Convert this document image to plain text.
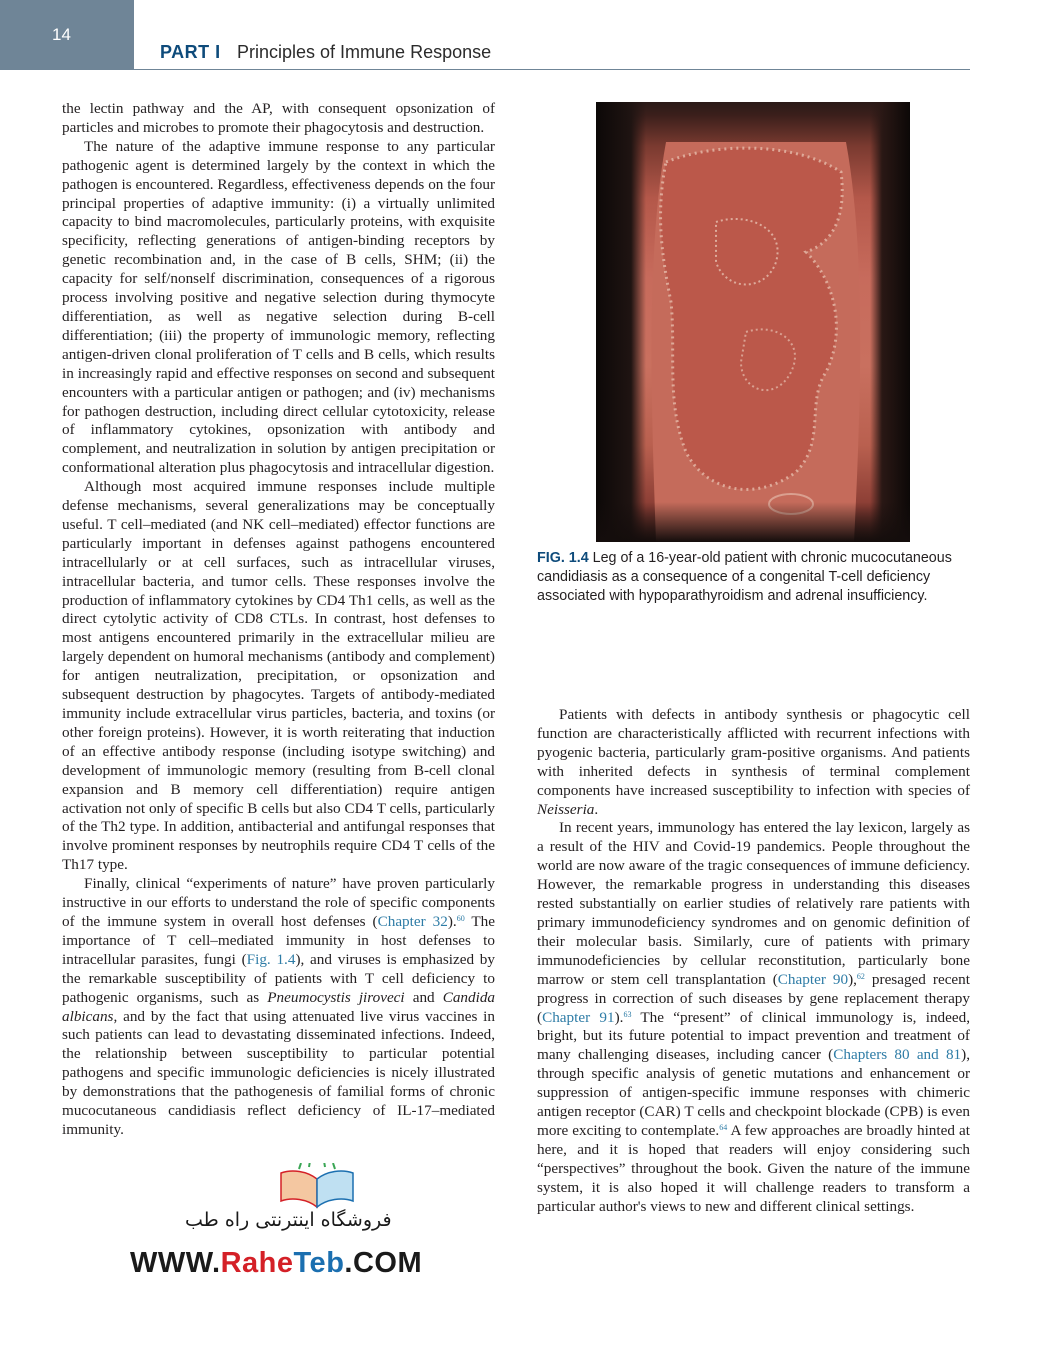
14
PART I Principles of Immune Response

the lectin pathway and the AP, with consequent opsonization of particles and microbes to promote their phagocytosis and destruction.

The nature of the adaptive immune response to any particular pathogenic agent is determined largely by the context in which the pathogen is encountered. Regardless, effectiveness depends on the four principal properties of adaptive immunity: (i) a virtually unlimited capacity to bind macromolecules, particularly proteins, with exquisite specificity, reflecting generations of antigen-binding receptors by genetic recombination and, in the case of B cells, SHM; (ii) the capacity for self/nonself discrimination, consequences of a rigorous process involving positive and negative selection during thymocyte differentiation, as well as negative selection during B-cell differentiation; (iii) the property of immunologic memory, reflecting antigen-driven clonal proliferation of T cells and B cells, which results in increasingly rapid and effective responses on second and subsequent encounters with a particular antigen or pathogen; and (iv) mechanisms for pathogen destruction, including direct cellular cytotoxicity, release of inflammatory cytokines, opsonization with antibody and complement, and neutralization in solution by antigen precipitation or conformational alteration plus phagocytosis and intracellular digestion.

Although most acquired immune responses include multiple defense mechanisms, several generalizations may be conceptually useful. T cell–mediated (and NK cell–mediated) effector functions are particularly important in defenses against pathogens encountered intracellularly or at cell surfaces, such as intracellular viruses, intracellular bacteria, and tumor cells. These responses involve the production of inflammatory cytokines by CD4 Th1 cells, as well as the direct cytolytic activity of CD8 CTLs. In contrast, host defenses to most antigens encountered primarily in the extracellular milieu are largely dependent on humoral mechanisms (antibody and complement) for antigen neutralization, precipitation, or opsonization and subsequent destruction by phagocytes. Targets of antibody-mediated immunity include extracellular virus particles, bacteria, and toxins (or other foreign proteins). However, it is worth reiterating that induction of an effective antibody response (including isotype switching) and development of immunologic memory (resulting from B-cell clonal expansion and B memory cell differentiation) require antigen activation not only of specific B cells but also CD4 T cells, particularly of the Th2 type. In addition, antibacterial and antifungal responses that involve prominent responses by neutrophils require CD4 T cells of the Th17 type.

Finally, clinical “experiments of nature” have proven particularly instructive in our efforts to understand the role of specific components of the immune system in overall host defenses (Chapter 32).$^{60}$ The importance of T cell–mediated immunity in host defenses to intracellular parasites, fungi (Fig. 1.4), and viruses is emphasized by the remarkable susceptibility of patients with T cell deficiency to pathogenic organisms, such as Pneumocystis jiroveci and Candida albicans, and by the fact that using attenuated live virus vaccines in such patients can lead to devastating disseminated infections. Indeed, the relationship between susceptibility to particular potential pathogens and specific immunologic deficiencies is nicely illustrated by demonstrations that the pathogenesis of familial forms of chronic mucocutaneous candidiasis reflect deficiency of IL-17–mediated immunity.

FIG. 1.4 Leg of a 16-year-old patient with chronic mucocutaneous candidiasis as a consequence of a congenital T-cell deficiency associated with hypoparathyroidism and adrenal insufficiency.

Patients with defects in antibody synthesis or phagocytic cell function are characteristically afflicted with recurrent infections with pyogenic bacteria, particularly gram-positive organisms. And patients with inherited defects in synthesis of terminal complement components have increased susceptibility to infection with species of Neisseria.

In recent years, immunology has entered the lay lexicon, largely as a result of the HIV and Covid-19 pandemics. People throughout the world are now aware of the tragic consequences of immune deficiency. However, the remarkable progress in understanding this diseases rested substantially on earlier studies of relatively rare patients with primary immunodeficiency syndromes and on genomic definition of their molecular basis. Similarly, cure of patients with primary immunodeficiencies by cellular reconstitution, particularly bone marrow or stem cell transplantation (Chapter 90),$^{62}$ presaged recent progress in correction of such diseases by gene replacement therapy (Chapter 91).$^{63}$ The “present” of clinical immunology is, indeed, bright, but its future potential to impact prevention and treatment of many challenging diseases, including cancer (Chapters 80 and 81), through specific analysis of genetic mutations and enhancement or suppression of antigen-specific immune responses with chimeric antigen receptor (CAR) T cells and checkpoint blockade (CPB) is even more exciting to contemplate.$^{64}$ A few approaches are broadly hinted at here, and it is hoped that readers will enjoy considering such “perspectives” throughout the book. Given the nature of the immune system, it is also hoped it will challenge readers to transform a particular author's views to new and different clinical settings.

فروشگاه اینترنتی راه طب
WWW.RaheTeb.COM
